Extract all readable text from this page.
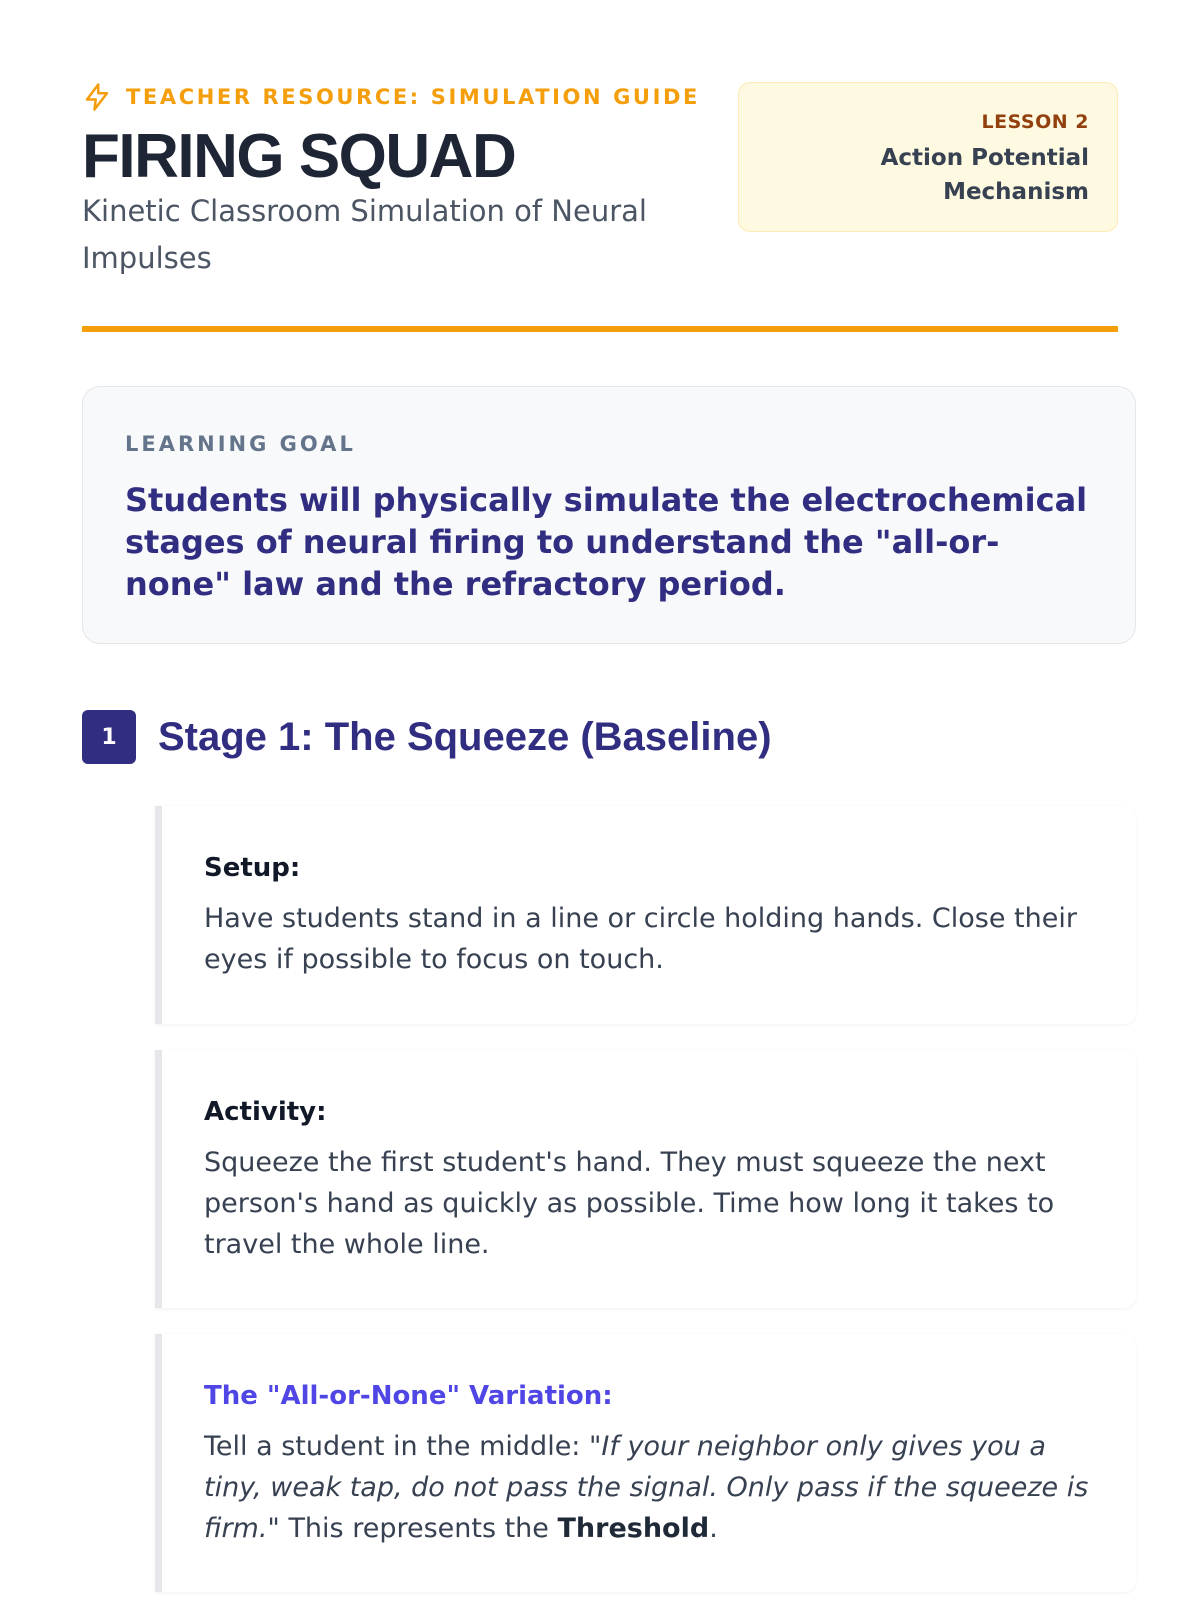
TEACHER RESOURCE: SIMULATION GUIDE
FIRING SQUAD

Kinetic Classroom Simulation of Neural Impulses

LESSON 2
Action Potential
Mechanism
LEARNING GOAL
Students will physically simulate the electrochemical stages of neural firing to understand the "all-or-none" law and the refractory period.
1	Stage 1: The Squeeze (Baseline)
Setup:
Have students stand in a line or circle holding hands. Close their eyes if possible to focus on touch.
Activity:
Squeeze the first student's hand. They must squeeze the next person's hand as quickly as possible. Time how long it takes to travel the whole line.
The "All-or-None" Variation:
Tell a student in the middle: "If your neighbor only gives you a tiny, weak tap, do not pass the signal. Only pass if the squeeze is firm." This represents the Threshold.
